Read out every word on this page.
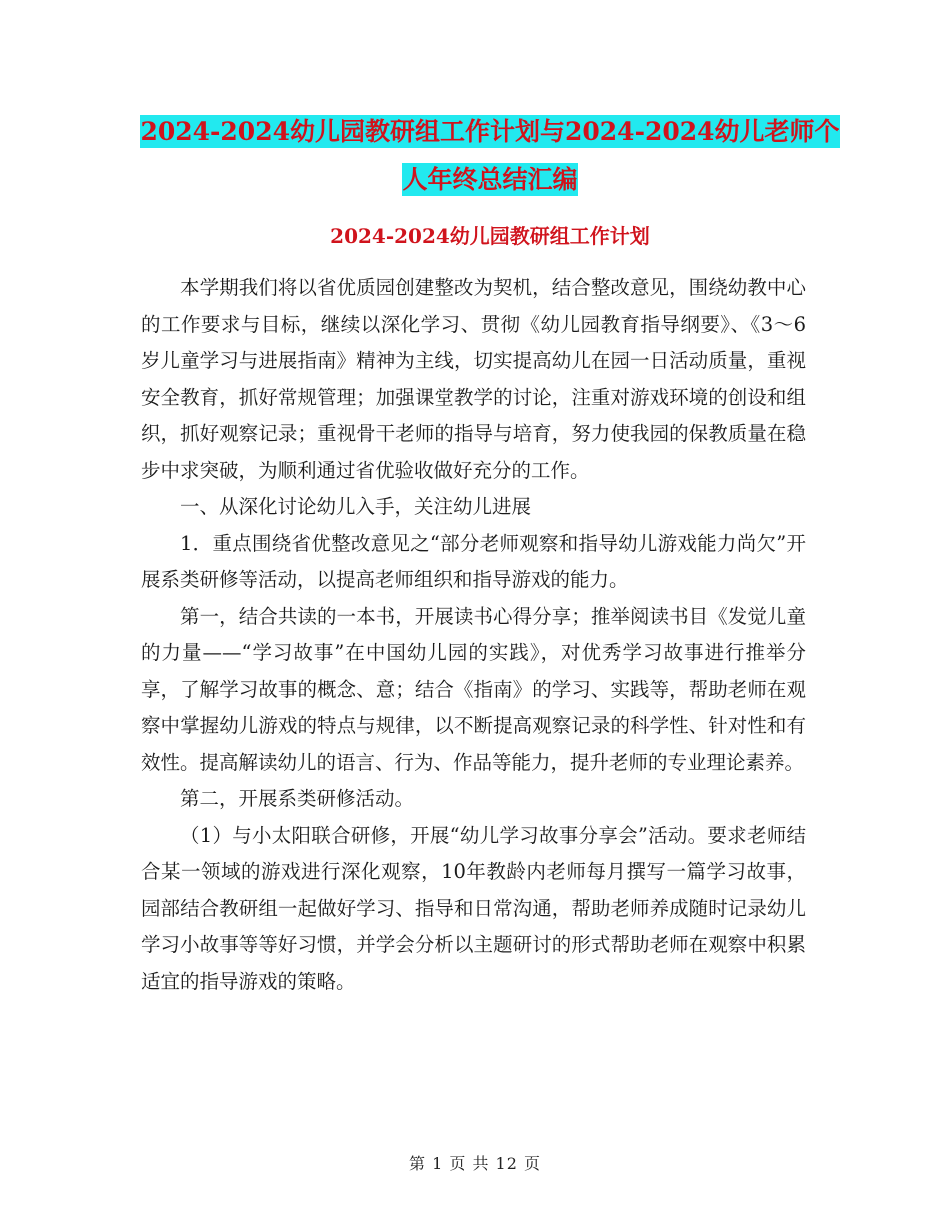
2024-2024幼儿园教研组工作计划与2024-2024幼儿老师个人年终总结汇编
2024-2024幼儿园教研组工作计划

本学期我们将以省优质园创建整改为契机，结合整改意见，围绕幼教中心的工作要求与目标，继续以深化学习、贯彻《幼儿园教育指导纲要》、《3～6岁儿童学习与进展指南》精神为主线，切实提高幼儿在园一日活动质量，重视安全教育，抓好常规管理；加强课堂教学的讨论，注重对游戏环境的创设和组织，抓好观察记录；重视骨干老师的指导与培育，努力使我园的保教质量在稳步中求突破，为顺利通过省优验收做好充分的工作。

一、从深化讨论幼儿入手，关注幼儿进展

1．重点围绕省优整改意见之“部分老师观察和指导幼儿游戏能力尚欠”开展系类研修等活动，以提高老师组织和指导游戏的能力。

第一，结合共读的一本书，开展读书心得分享；推举阅读书目《发觉儿童的力量——“学习故事”在中国幼儿园的实践》，对优秀学习故事进行推举分享，了解学习故事的概念、意；结合《指南》的学习、实践等，帮助老师在观察中掌握幼儿游戏的特点与规律，以不断提高观察记录的科学性、针对性和有效性。提高解读幼儿的语言、行为、作品等能力，提升老师的专业理论素养。

第二，开展系类研修活动。

（1）与小太阳联合研修，开展“幼儿学习故事分享会”活动。要求老师结合某一领域的游戏进行深化观察，10年教龄内老师每月撰写一篇学习故事，园部结合教研组一起做好学习、指导和日常沟通，帮助老师养成随时记录幼儿学习小故事等等好习惯，并学会分析以主题研讨的形式帮助老师在观察中积累适宜的指导游戏的策略。

第 1 页 共 12 页
